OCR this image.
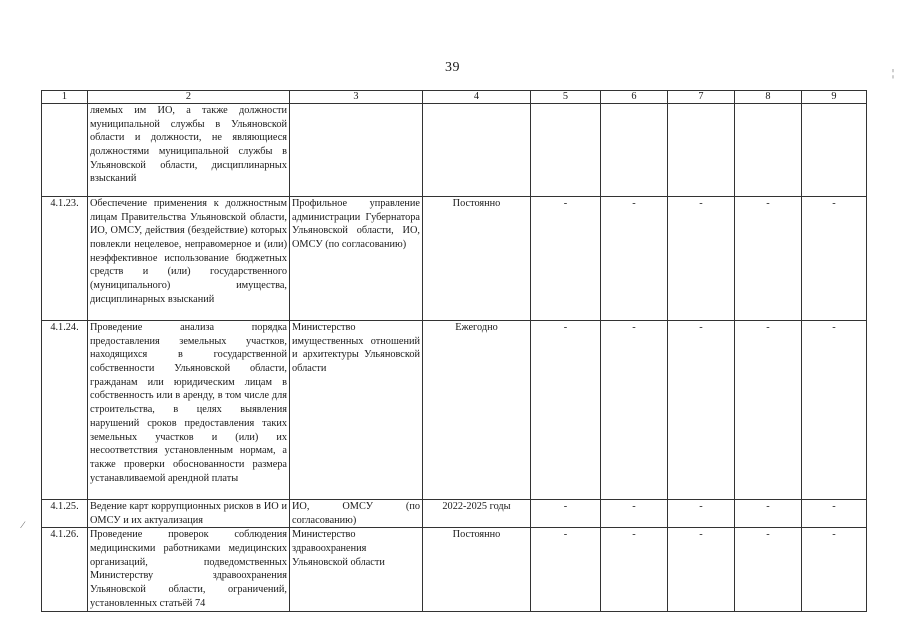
39
1	2	3	4	5	6	7	8	9
	ляемых им ИО, а также должности муниципальной службы в Ульяновской области и должности, не являющиеся должностями муниципальной службы в Ульяновской области, дисциплинарных взысканий							
4.1.23.	Обеспечение применения к должностным лицам Правительства Ульяновской области, ИО, ОМСУ, действия (бездействие) которых повлекли нецелевое, неправомерное и (или) неэффективное использование бюджетных средств и (или) государственного (муниципального) имущества, дисциплинарных взысканий	Профильное управление администрации Губернатора Ульяновской области, ИО, ОМСУ (по согласованию)	Постоянно	-	-	-	-	-
4.1.24.	Проведение анализа порядка предоставления земельных участков, находящихся в государственной собственности Ульяновской области, гражданам или юридическим лицам в собственность или в аренду, в том числе для строительства, в целях выявления нарушений сроков предоставления таких земельных участков и (или) их несоответствия установленным нормам, а также проверки обоснованности размера устанавливаемой арендной платы	Министерство имущественных отношений и архитектуры Ульяновской области	Ежегодно	-	-	-	-	-
4.1.25.	Ведение карт коррупционных рисков в ИО и ОМСУ и их актуализация	ИО, ОМСУ (по согласованию)	2022-2025 годы	-	-	-	-	-
4.1.26.	Проведение проверок соблюдения медицинскими работниками медицинских организаций, подведомственных Министерству здравоохранения Ульяновской области, ограничений, установленных статьёй 74	Министерство здравоохранения Ульяновской области	Постоянно	-	-	-	-	-
∕
¦
